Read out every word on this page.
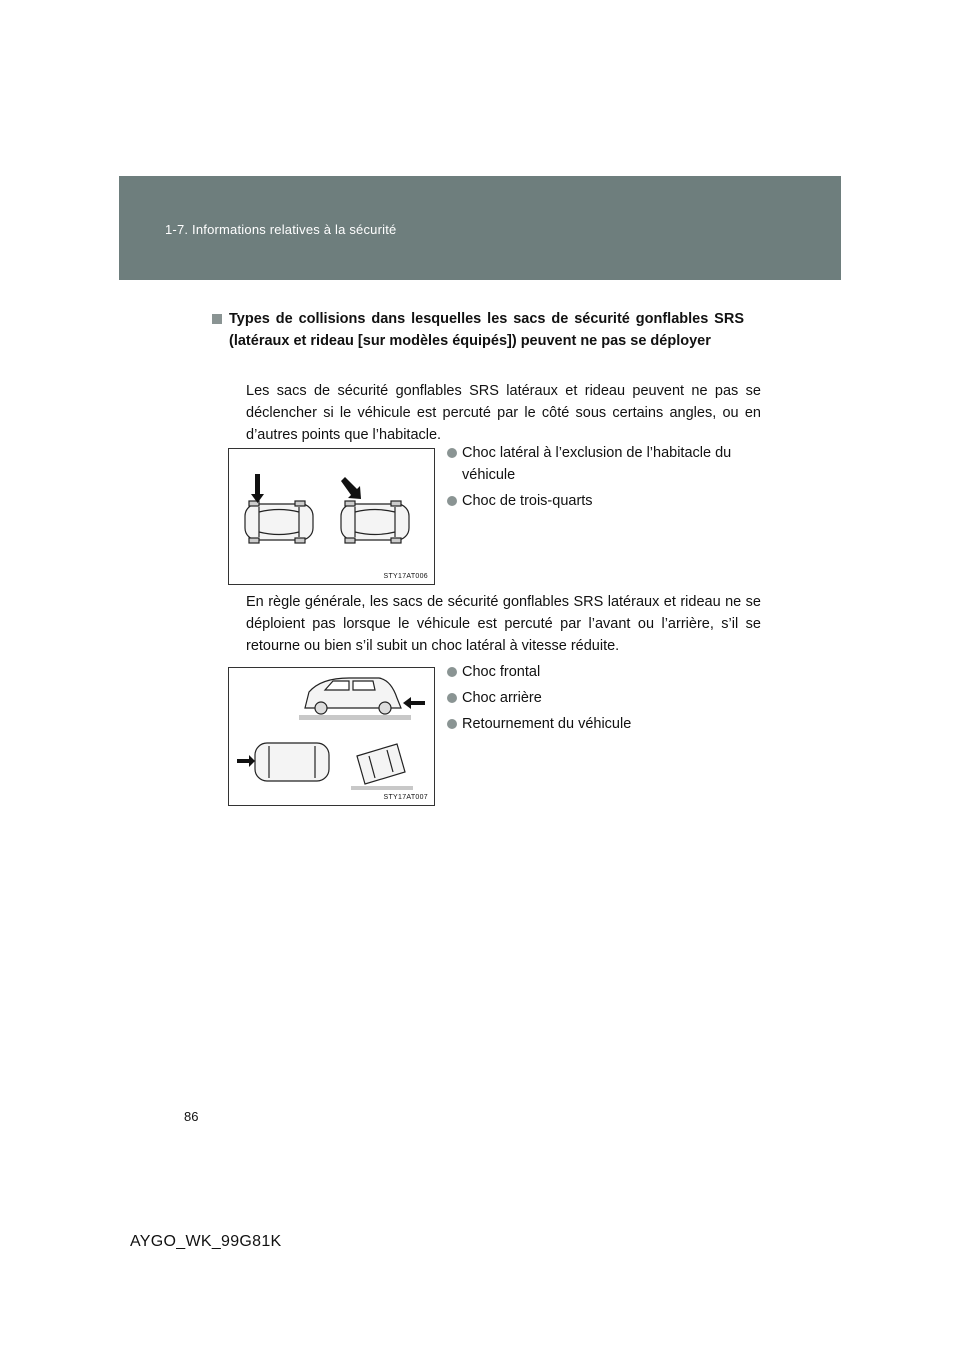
1-7. Informations relatives à la sécurité
Types de collisions dans lesquelles les sacs de sécurité gonflables SRS (latéraux et rideau [sur modèles équipés]) peuvent ne pas se déployer
Les sacs de sécurité gonflables SRS latéraux et rideau peuvent ne pas se déclencher si le véhicule est percuté par le côté sous certains angles, ou en d’autres points que l’habitacle.
STY17AT006
Choc latéral à l’exclusion de l’habitacle du véhicule
Choc de trois-quarts
En règle générale, les sacs de sécurité gonflables SRS latéraux et rideau ne se déploient pas lorsque le véhicule est percuté par l’avant ou l’arrière, s’il se retourne ou bien s’il subit un choc latéral à vitesse réduite.
STY17AT007
Choc frontal
Choc arrière
Retournement du véhicule
86
AYGO_WK_99G81K
